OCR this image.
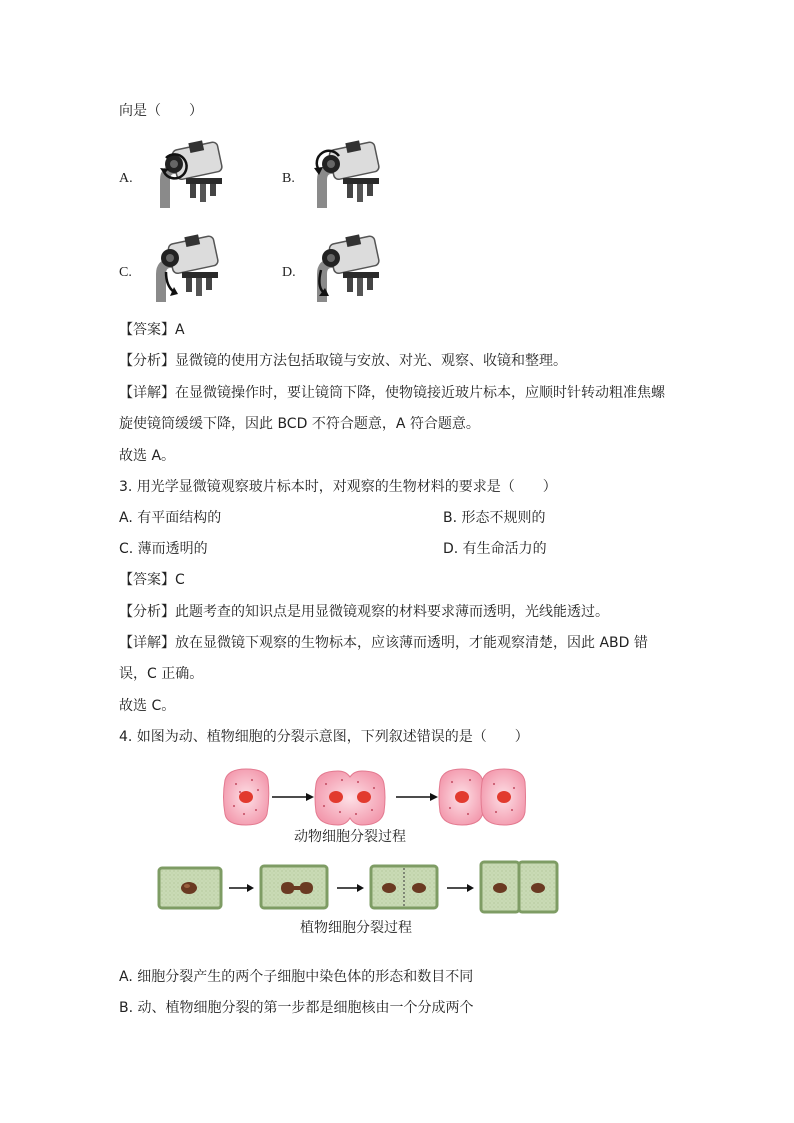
向是（　　）
A.	B.
C.	D.
【答案】A
【分析】显微镜的使用方法包括取镜与安放、对光、观察、收镜和整理。
【详解】在显微镜操作时，要让镜筒下降，使物镜接近玻片标本，应顺时针转动粗准焦螺
旋使镜筒缓缓下降，因此 BCD 不符合题意，A 符合题意。
故选 A。
3. 用光学显微镜观察玻片标本时，对观察的生物材料的要求是（　　）
A. 有平面结构的	B. 形态不规则的
C. 薄而透明的	D. 有生命活力的
【答案】C
【分析】此题考查的知识点是用显微镜观察的材料要求薄而透明，光线能透过。
【详解】放在显微镜下观察的生物标本，应该薄而透明，才能观察清楚，因此 ABD 错
误，C 正确。
故选 C。
4. 如图为动、植物细胞的分裂示意图，下列叙述错误的是（　　）
动物细胞分裂过程
植物细胞分裂过程
A. 细胞分裂产生的两个子细胞中染色体的形态和数目不同
B. 动、植物细胞分裂的第一步都是细胞核由一个分成两个
